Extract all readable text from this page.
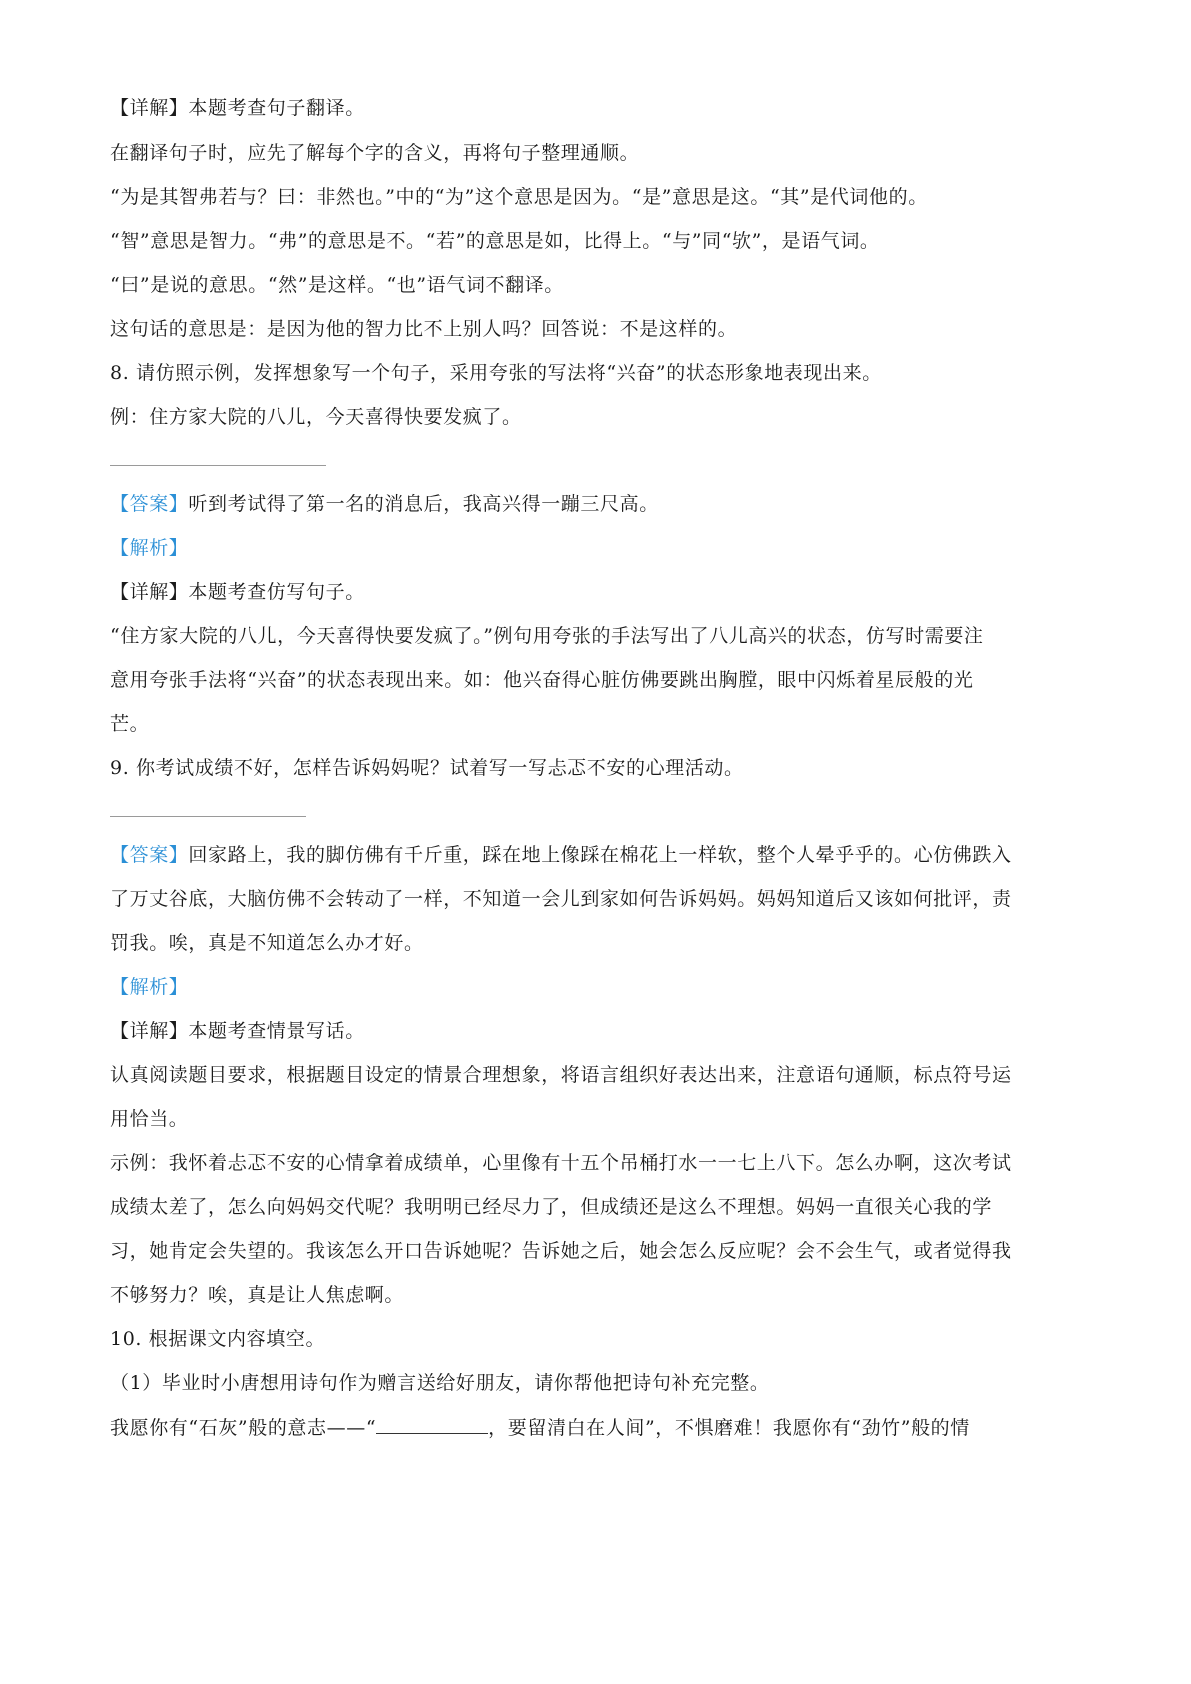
【详解】本题考查句子翻译。
在翻译句子时，应先了解每个字的含义，再将句子整理通顺。
“为是其智弗若与？曰：非然也。”中的“为”这个意思是因为。“是”意思是这。“其”是代词他的。
“智”意思是智力。“弗”的意思是不。“若”的意思是如，比得上。“与”同“欤”，是语气词。
“曰”是说的意思。“然”是这样。“也”语气词不翻译。
这句话的意思是：是因为他的智力比不上别人吗？回答说：不是这样的。
8. 请仿照示例，发挥想象写一个句子，采用夸张的写法将“兴奋”的状态形象地表现出来。
例：住方家大院的八儿，今天喜得快要发疯了。
【答案】听到考试得了第一名的消息后，我高兴得一蹦三尺高。
【解析】
【详解】本题考查仿写句子。
“住方家大院的八儿，今天喜得快要发疯了。”例句用夸张的手法写出了八儿高兴的状态，仿写时需要注
意用夸张手法将“兴奋”的状态表现出来。如：他兴奋得心脏仿佛要跳出胸膛，眼中闪烁着星辰般的光
芒。
9. 你考试成绩不好，怎样告诉妈妈呢？试着写一写忐忑不安的心理活动。
【答案】回家路上，我的脚仿佛有千斤重，踩在地上像踩在棉花上一样软，整个人晕乎乎的。心仿佛跌入
了万丈谷底，大脑仿佛不会转动了一样，不知道一会儿到家如何告诉妈妈。妈妈知道后又该如何批评，责
罚我。唉，真是不知道怎么办才好。
【解析】
【详解】本题考查情景写话。
认真阅读题目要求，根据题目设定的情景合理想象，将语言组织好表达出来，注意语句通顺，标点符号运
用恰当。
示例：我怀着忐忑不安的心情拿着成绩单，心里像有十五个吊桶打水一一七上八下。怎么办啊，这次考试
成绩太差了，怎么向妈妈交代呢？我明明已经尽力了，但成绩还是这么不理想。妈妈一直很关心我的学
习，她肯定会失望的。我该怎么开口告诉她呢？告诉她之后，她会怎么反应呢？会不会生气，或者觉得我
不够努力？唉，真是让人焦虑啊。
10. 根据课文内容填空。
（1）毕业时小唐想用诗句作为赠言送给好朋友，请你帮他把诗句补充完整。
我愿你有“石灰”般的意志——“	，要留清白在人间”，不惧磨难！我愿你有“劲竹”般的情
